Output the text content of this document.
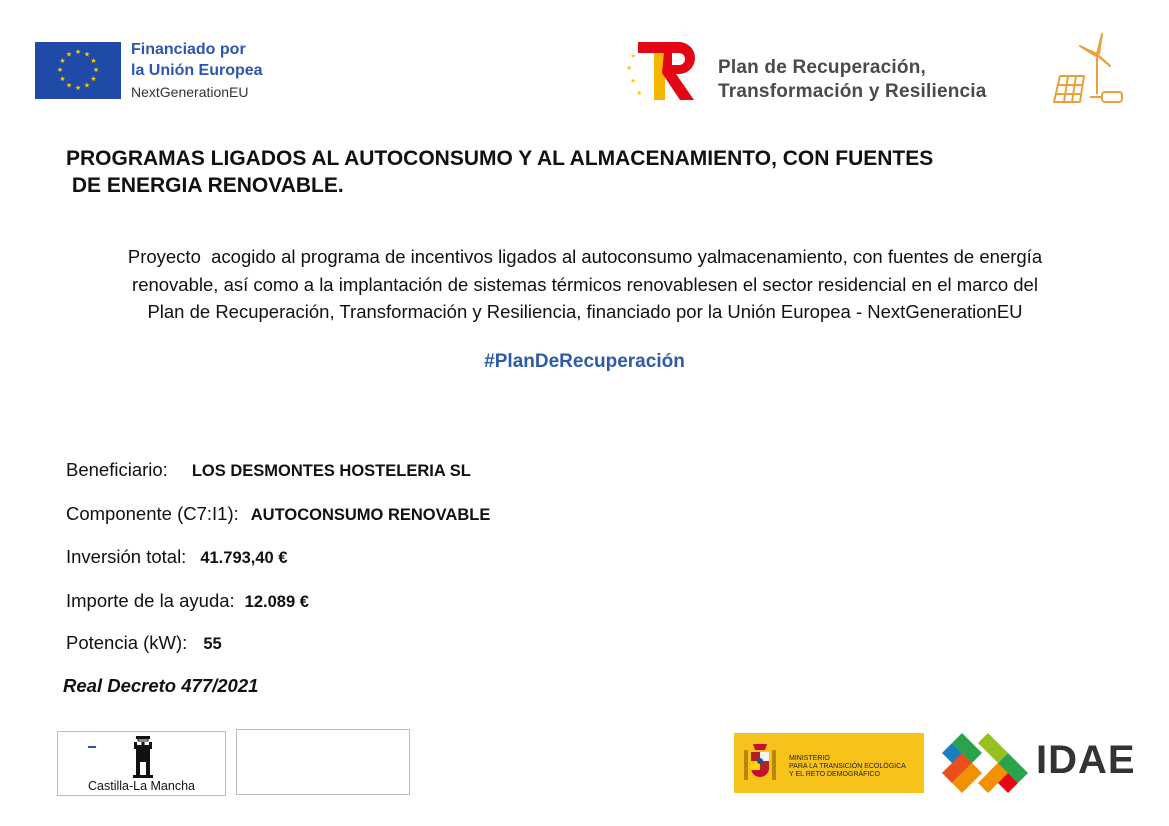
★ ★
★
★
★
★
★
★
★
★
★
★	Financiado por
la Unión Europea
NextGenerationEU
★
★
★
★
Plan de Recuperación,
Transformación y Resiliencia
PROGRAMAS LIGADOS AL AUTOCONSUMO Y AL ALMACENAMIENTO, CON FUENTES
DE ENERGIA RENOVABLE.
Proyecto  acogido al programa de incentivos ligados al autoconsumo yalmacenamiento, con fuentes de energía
renovable, así como a la implantación de sistemas térmicos renovablesen el sector residencial en el marco del
Plan de Recuperación, Transformación y Resiliencia, financiado por la Unión Europea - NextGenerationEU
#PlanDeRecuperación
Beneficiario: LOS DESMONTES HOSTELERIA SL
Componente (C7:I1): AUTOCONSUMO RENOVABLE
Inversión total: 41.793,40 €
Importe de la ayuda: 12.089 €
Potencia (kW): 55
Real Decreto 477/2021
Castilla-La Mancha
MINISTERIO
PARA LA TRANSICIÓN ECOLÓGICA
Y EL RETO DEMOGRÁFICO	IDAE
